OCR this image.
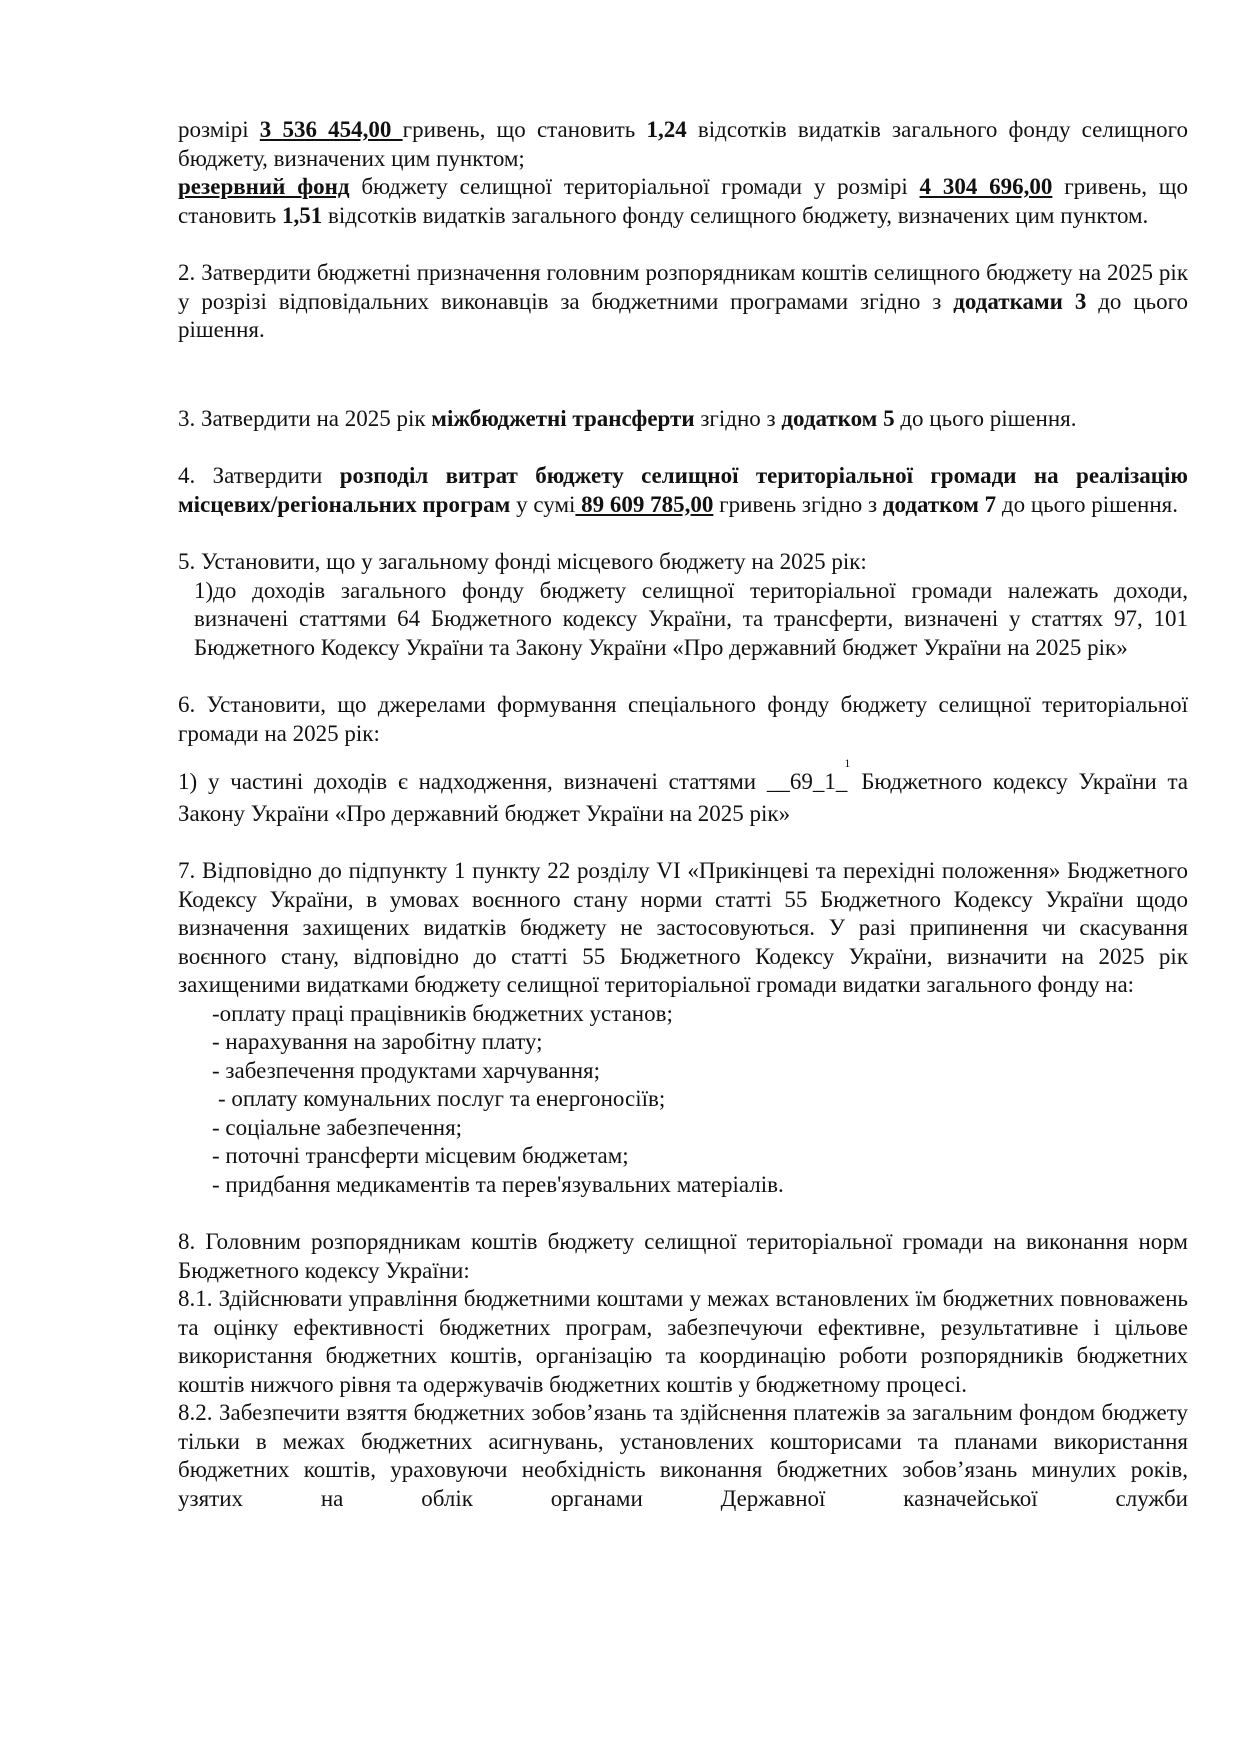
розмірі 3 536 454,00 гривень, що становить 1,24 відсотків видатків загального фонду селищного бюджету, визначених цим пунктом;

резервний фонд бюджету селищної територіальної громади у розмірі 4 304 696,00 гривень, що становить 1,51 відсотків видатків загального фонду селищного бюджету, визначених цим пунктом.

2. Затвердити бюджетні призначення головним розпорядникам коштів селищного бюджету на 2025 рік у розрізі відповідальних виконавців за бюджетними програмами згідно з додатками 3 до цього рішення.

3. Затвердити на 2025 рік міжбюджетні трансферти згідно з додатком 5 до цього рішення.

4. Затвердити розподіл витрат бюджету селищної територіальної громади на реалізацію місцевих/регіональних програм у сумі 89 609 785,00 гривень згідно з додатком 7 до цього рішення.

5. Установити, що у загальному фонді місцевого бюджету на 2025 рік:

1)до доходів загального фонду бюджету селищної територіальної громади належать доходи, визначені статтями 64 Бюджетного кодексу України, та трансферти, визначені у статтях 97, 101 Бюджетного Кодексу України та Закону України «Про державний бюджет України на 2025 рік»

6. Установити, що джерелами формування спеціального фонду бюджету селищної територіальної громади на 2025 рік:

1) у частині доходів є надходження, визначені статтями __69_1_$^1$ Бюджетного кодексу України та Закону України «Про державний бюджет України на 2025 рік»

7. Відповідно до підпункту 1 пункту 22 розділу VI «Прикінцеві та перехідні положення» Бюджетного Кодексу України, в умовах воєнного стану норми статті 55 Бюджетного Кодексу України щодо визначення захищених видатків бюджету не застосовуються. У разі припинення чи скасування воєнного стану, відповідно до статті 55 Бюджетного Кодексу України, визначити на 2025 рік захищеними видатками бюджету селищної територіальної громади видатки загального фонду на:

-оплату праці працівників бюджетних установ;
- нарахування на заробітну плату;
- забезпечення продуктами харчування;
- оплату комунальних послуг та енергоносіїв;
- соціальне забезпечення;
- поточні трансферти місцевим бюджетам;
- придбання медикаментів та перев'язувальних матеріалів.

8. Головним розпорядникам коштів бюджету селищної територіальної громади на виконання норм Бюджетного кодексу України:

8.1. Здійснювати управління бюджетними коштами у межах встановлених їм бюджетних повноважень та оцінку ефективності бюджетних програм, забезпечуючи ефективне, результативне і цільове використання бюджетних коштів, організацію та координацію роботи розпорядників бюджетних коштів нижчого рівня та одержувачів бюджетних коштів у бюджетному процесі.

8.2. Забезпечити взяття бюджетних зобов’язань та здійснення платежів за загальним фондом бюджету тільки в межах бюджетних асигнувань, установлених кошторисами та планами використання бюджетних коштів, ураховуючи необхідність виконання бюджетних зобов’язань минулих років, узятих на облік органами Державної казначейської служби
